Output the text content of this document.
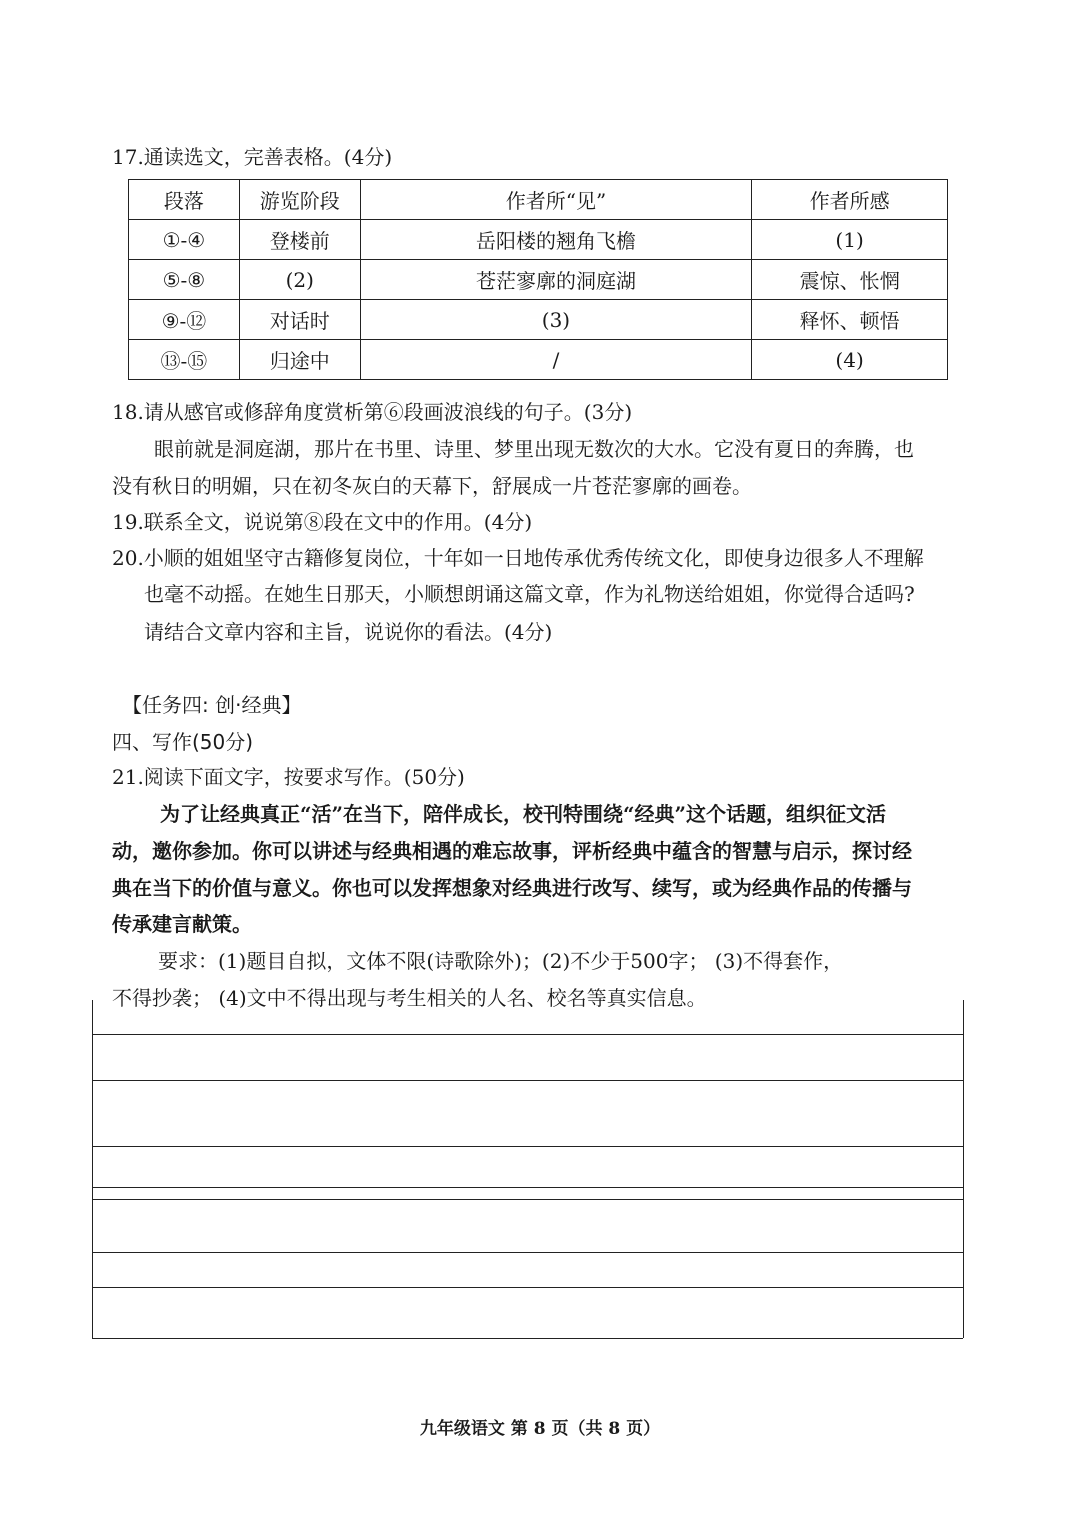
17.通读选文，完善表格。(4分)
段落	游览阶段	作者所“见”	作者所感
①-④	登楼前	岳阳楼的翘角飞檐	(1)
⑤-⑧	(2)	苍茫寥廓的洞庭湖	震惊、怅惘
⑨-⑫	对话时	(3)	释怀、顿悟
⑬-⑮	归途中	/	(4)
18.请从感官或修辞角度赏析第⑥段画波浪线的句子。(3分)
眼前就是洞庭湖，那片在书里、诗里、梦里出现无数次的大水。它没有夏日的奔腾，也
没有秋日的明媚，只在初冬灰白的天幕下，舒展成一片苍茫寥廓的画卷。
19.联系全文，说说第⑧段在文中的作用。(4分)
20.小顺的姐姐坚守古籍修复岗位，十年如一日地传承优秀传统文化，即使身边很多人不理解
也毫不动摇。在她生日那天，小顺想朗诵这篇文章，作为礼物送给姐姐，你觉得合适吗?
请结合文章内容和主旨，说说你的看法。(4分)
【任务四: 创·经典】
四、写作(50分)
21.阅读下面文字，按要求写作。(50分)
为了让经典真正“活”在当下，陪伴成长，校刊特围绕“经典”这个话题，组织征文活
动，邀你参加。你可以讲述与经典相遇的难忘故事，评析经典中蕴含的智慧与启示，探讨经
典在当下的价值与意义。你也可以发挥想象对经典进行改写、续写，或为经典作品的传播与
传承建言献策。
要求：(1)题目自拟，文体不限(诗歌除外)；(2)不少于500字； (3)不得套作，
不得抄袭； (4)文中不得出现与考生相关的人名、校名等真实信息。
九年级语文 第 8 页（共 8 页）
